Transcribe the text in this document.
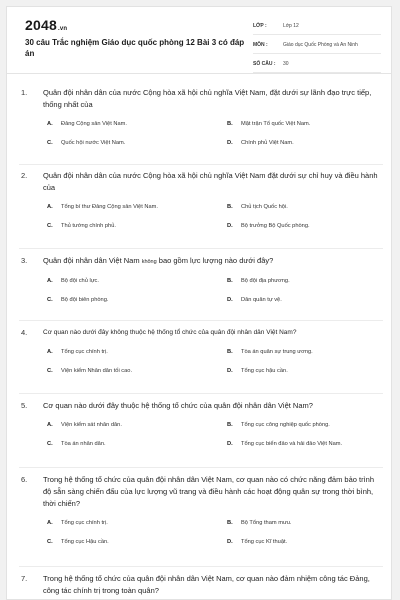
2048.vn
30 câu Trắc nghiệm Giáo dục quốc phòng 12 Bài 3 có đáp án
LỚP :	Lớp 12
MÔN :	Giáo dục Quốc Phòng và An Ninh
SỐ CÂU :	30
1.	Quân đội nhân dân của nước Cộng hòa xã hội chủ nghĩa Việt Nam, đặt dưới sự lãnh đạo trực tiếp, thống nhất của
A.	Đảng Cộng sản Việt Nam.	B.	Mặt trận Tổ quốc Việt Nam.
C.	Quốc hội nước Việt Nam.	D.	Chính phủ Việt Nam.
2.	Quân đội nhân dân của nước Cộng hòa xã hội chủ nghĩa Việt Nam đặt dưới sự chỉ huy và điều hành của
A.	Tổng bí thư Đảng Cộng sản Việt Nam.	B.	Chủ tịch Quốc hội.
C.	Thủ tướng chính phủ.	D.	Bộ trưởng Bộ Quốc phòng.
3.	Quân đội nhân dân Việt Nam không bao gồm lực lượng nào dưới đây?
A.	Bộ đội chủ lực.	B.	Bộ đội địa phương.
C.	Bộ đội biên phòng.	D.	Dân quân tự vệ.
4.	Cơ quan nào dưới đây không thuộc hệ thống tổ chức của quân đội nhân dân Việt Nam?
A.	Tổng cục chính trị.	B.	Tòa án quân sự trung ương.
C.	Viện kiểm Nhân dân tối cao.	D.	Tổng cục hậu cần.
5.	Cơ quan nào dưới đây thuộc hệ thống tổ chức của quân đội nhân dân Việt Nam?
A.	Viện kiểm sát nhân dân.	B.	Tổng cục công nghiệp quốc phòng.
C.	Tòa án nhân dân.	D.	Tổng cục biển đảo và hải đảo Việt Nam.
6.	Trong hệ thống tổ chức của quân đội nhân dân Việt Nam, cơ quan nào có chức năng đảm bảo trình độ sẵn sàng chiến đấu của lực lượng vũ trang và điều hành các hoạt động quân sự trong thời bình, thời chiến?
A.	Tổng cục chính trị.	B.	Bộ Tổng tham mưu.
C.	Tổng cục Hậu cần.	D.	Tổng cục Kĩ thuật.
7.	Trong hệ thống tổ chức của quân đội nhân dân Việt Nam, cơ quan nào đảm nhiệm công tác Đảng, công tác chính trị trong toàn quân?
